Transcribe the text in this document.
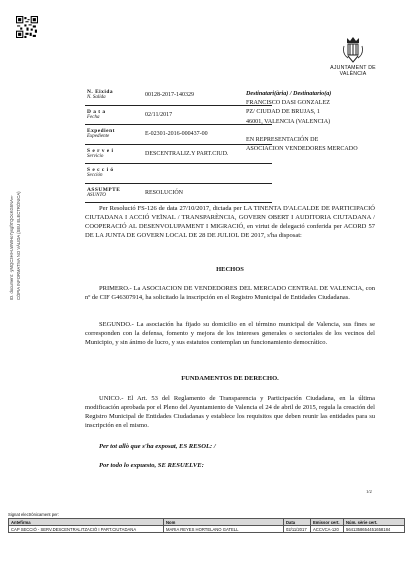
ID. document: ∙ÿMQC3HI+LWWHo7ysgfX′QOcKG5NA∞∙ CÓPIA INFORMATIVA NO VÀLIDA (SEU ELECTRÒNICA)
AJUNTAMENT DE VALÈNCIA
N. Eixida
N. Salida	00128-2017-140329

D a t a
Fecha	02/11/2017

Expedient
Expediente	E-02301-2016-000437-00

S e r v e i
Servicio	DESCENTRALIZ.Y PART.CIUD.

S e c c i ó
Sección	

ASSUMPTE
ASUNTO	RESOLUCIÓN
Destinatari(ària) / Destinatario(a)
FRANCISCO DASI GONZALEZ
PZ/ CIUDAD DE BRUJAS, 1
46001, VALENCIA (VALENCIA)
EN REPRESENTACIÓN DE
ASOCIACION VENDEDORES MERCADO

Per Resolució FS-126 de data 27/10/2017, dictada per LA TINENTA D'ALCALDE DE PARTICIPACIÓ CIUTADANA I ACCIÓ VEÏNAL / TRANSPARÈNCIA, GOVERN OBERT I AUDITORIA CIUTADANA / COOPERACIÓ AL DESENVOLUPAMENT I MIGRACIÓ, en virtut de delegació conferida per ACORD 57 DE LA JUNTA DE GOVERN LOCAL DE 28 DE JULIOL DE 2017, s'ha disposat:

HECHOS

PRIMERO.- La ASOCIACION DE VENDEDORES DEL MERCADO CENTRAL DE VALENCIA, con nº de CIF G46307914, ha solicitado la inscripción en el Registro Municipal de Entidades Ciudadanas.

SEGUNDO.- La asociación ha fijado su domicilio en el término municipal de Valencia, sus fines se corresponden con la defensa, fomento y mejora de los intereses generales o sectoriales de los vecinos del Municipio, y sin ánimo de lucro, y sus estatutos contemplan un funcionamiento democrático.

FUNDAMENTOS DE DERECHO.

UNICO.- El Art. 53 del Reglamento de Transparencia y Participación Ciudadana, en la última modificación aprobada por el Pleno del Ayuntamiento de Valencia el 24 de abril de 2015, regula la creación del Registro Municipal de Entidades Ciudadanas y establece los requisitos que deben reunir las entidades para su inscripción en el mismo.

Per tot allò que s'ha exposat, ES RESOL: /

Por todo lo expuesto, SE RESUELVE:

1/2
Signat electrònicament per:
Antefirma	Nom	Data	Emissor cert.	Núm. sèrie cert.
CAP SECCIÓ - SERV.DESCENTRALITZACIÓ I PART.CIUTADANA	MARIA REYES HORTELANO GATELL	02/11/2017	ACCVCA-120	5641358654451658184
